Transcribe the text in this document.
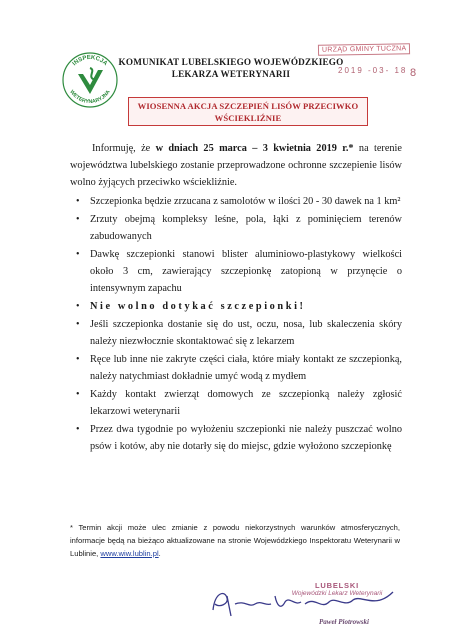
INSPEKCJA
WETERYNARYJNA
KOMUNIKAT LUBELSKIEGO WOJEWÓDZKIEGO
LEKARZA WETERYNARII
URZĄD GMINY TUCZNA
2019 -03- 18 8
WIOSENNA AKCJA SZCZEPIEŃ LISÓW PRZECIWKO WŚCIEKLIŹNIE

Informuję, że w dniach 25 marca – 3 kwietnia 2019 r.* na terenie województwa lubelskiego zostanie przeprowadzone ochronne szczepienie lisów wolno żyjących przeciwko wściekliźnie.

• Szczepionka będzie zrzucana z samolotów w ilości 20 - 30 dawek na 1 km²
• Zrzuty obejmą kompleksy leśne, pola, łąki z pominięciem terenów zabudowanych
• Dawkę szczepionki stanowi blister aluminiowo-plastykowy wielkości około 3 cm, zawierający szczepionkę zatopioną w przynęcie o intensywnym zapachu
• Nie wolno dotykać szczepionki!
• Jeśli szczepionka dostanie się do ust, oczu, nosa, lub skaleczenia skóry należy niezwłocznie skontaktować się z lekarzem
• Ręce lub inne nie zakryte części ciała, które miały kontakt ze szczepionką, należy natychmiast dokładnie umyć wodą z mydłem
• Każdy kontakt zwierząt domowych ze szczepionką należy zgłosić lekarzowi weterynarii
• Przez dwa tygodnie po wyłożeniu szczepionki nie należy puszczać wolno psów i kotów, aby nie dotarły się do miejsc, gdzie wyłożono szczepionkę
* Termin akcji może ulec zmianie z powodu niekorzystnych warunków atmosferycznych, informacje będą na bieżąco aktualizowane na stronie Wojewódzkiego Inspektoratu Weterynarii w Lublinie, www.wiw.lublin.pl.
LUBELSKI
Wojewódzki Lekarz Weterynarii
Paweł Piotrowski
